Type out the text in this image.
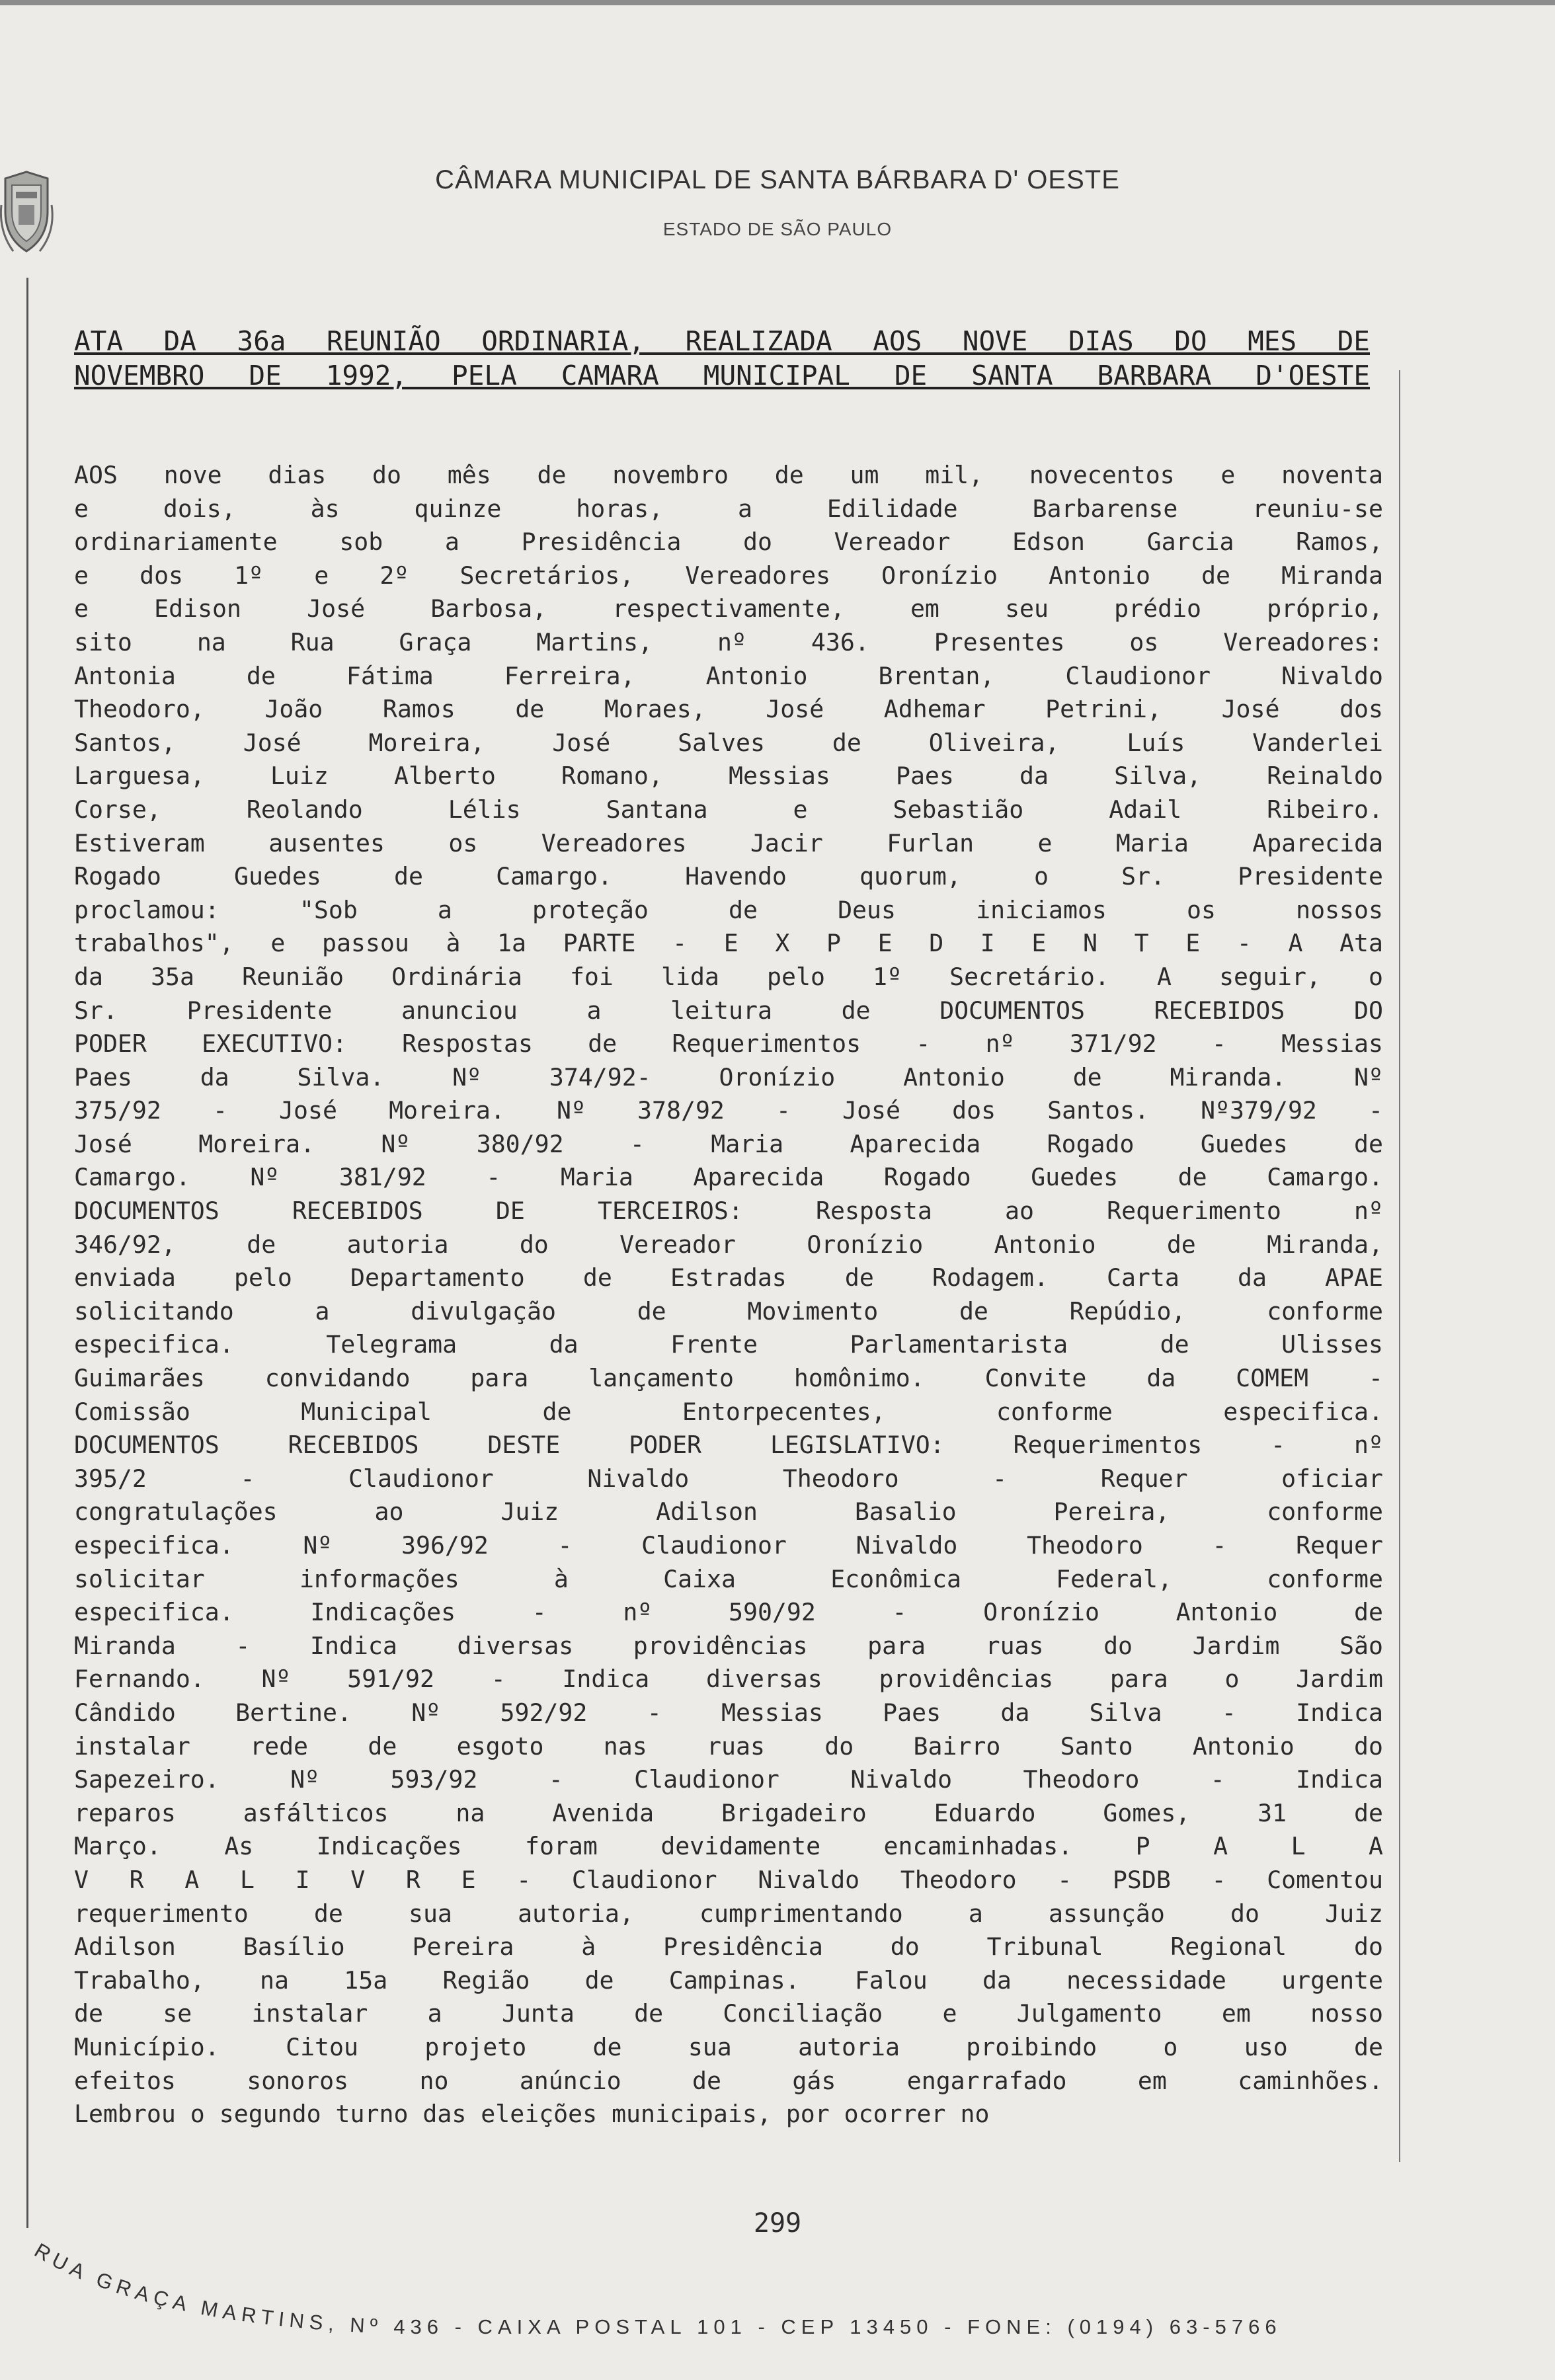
CÂMARA MUNICIPAL DE SANTA BÁRBARA D' OESTE
ESTADO DE SÃO PAULO
ATA DA 36a REUNIÃO ORDINARIA, REALIZADA AOS NOVE DIAS DO MES DE
NOVEMBRO DE 1992, PELA CAMARA MUNICIPAL DE SANTA BARBARA D'OESTE
AOS nove dias do mês de novembro de um mil, novecentos e noventa
e dois, às quinze horas, a Edilidade Barbarense reuniu-se
ordinariamente sob a Presidência do Vereador Edson Garcia Ramos,
e dos 1º e 2º Secretários, Vereadores Oronízio Antonio de Miranda
e Edison José Barbosa, respectivamente, em seu prédio próprio,
sito na Rua Graça Martins, nº 436. Presentes os Vereadores:
Antonia de Fátima Ferreira, Antonio Brentan, Claudionor Nivaldo
Theodoro, João Ramos de Moraes, José Adhemar Petrini, José dos
Santos, José Moreira, José Salves de Oliveira, Luís Vanderlei
Larguesa, Luiz Alberto Romano, Messias Paes da Silva, Reinaldo
Corse, Reolando Lélis Santana e Sebastião Adail Ribeiro.
Estiveram ausentes os Vereadores Jacir Furlan e Maria Aparecida
Rogado Guedes de Camargo. Havendo quorum, o Sr. Presidente
proclamou: "Sob a proteção de Deus iniciamos os nossos
trabalhos", e passou à 1a PARTE - E X P E D I E N T E - A Ata
da 35a Reunião Ordinária foi lida pelo 1º Secretário. A seguir, o
Sr. Presidente anunciou a leitura de DOCUMENTOS RECEBIDOS DO
PODER EXECUTIVO: Respostas de Requerimentos - nº 371/92 - Messias
Paes da Silva. Nº 374/92- Oronízio Antonio de Miranda. Nº
375/92 - José Moreira. Nº 378/92 - José dos Santos. Nº379/92 -
José Moreira. Nº 380/92 - Maria Aparecida Rogado Guedes de
Camargo. Nº 381/92 - Maria Aparecida Rogado Guedes de Camargo.
DOCUMENTOS RECEBIDOS DE TERCEIROS: Resposta ao Requerimento nº
346/92, de autoria do Vereador Oronízio Antonio de Miranda,
enviada pelo Departamento de Estradas de Rodagem. Carta da APAE
solicitando a divulgação de Movimento de Repúdio, conforme
especifica. Telegrama da Frente Parlamentarista de Ulisses
Guimarães convidando para lançamento homônimo. Convite da COMEM -
Comissão Municipal de Entorpecentes, conforme especifica.
DOCUMENTOS RECEBIDOS DESTE PODER LEGISLATIVO: Requerimentos - nº
395/2 - Claudionor Nivaldo Theodoro - Requer oficiar
congratulações ao Juiz Adilson Basalio Pereira, conforme
especifica. Nº 396/92 - Claudionor Nivaldo Theodoro - Requer
solicitar informações à Caixa Econômica Federal, conforme
especifica. Indicações - nº 590/92 - Oronízio Antonio de
Miranda - Indica diversas providências para ruas do Jardim São
Fernando. Nº 591/92 - Indica diversas providências para o Jardim
Cândido Bertine. Nº 592/92 - Messias Paes da Silva - Indica
instalar rede de esgoto nas ruas do Bairro Santo Antonio do
Sapezeiro. Nº 593/92 - Claudionor Nivaldo Theodoro - Indica
reparos asfálticos na Avenida Brigadeiro Eduardo Gomes, 31 de
Março. As Indicações foram devidamente encaminhadas. P A L A
V R A L I V R E - Claudionor Nivaldo Theodoro - PSDB - Comentou
requerimento de sua autoria, cumprimentando a assunção do Juiz
Adilson Basílio Pereira à Presidência do Tribunal Regional do
Trabalho, na 15a Região de Campinas. Falou da necessidade urgente
de se instalar a Junta de Conciliação e Julgamento em nosso
Município. Citou projeto de sua autoria proibindo o uso de
efeitos sonoros no anúncio de gás engarrafado em caminhões.
Lembrou o segundo turno das eleições municipais, por ocorrer no
299
RUA GRAÇA MARTINS, Nº 436 - CAIXA POSTAL 101 - CEP 13450 - FONE: (0194) 63-5766
